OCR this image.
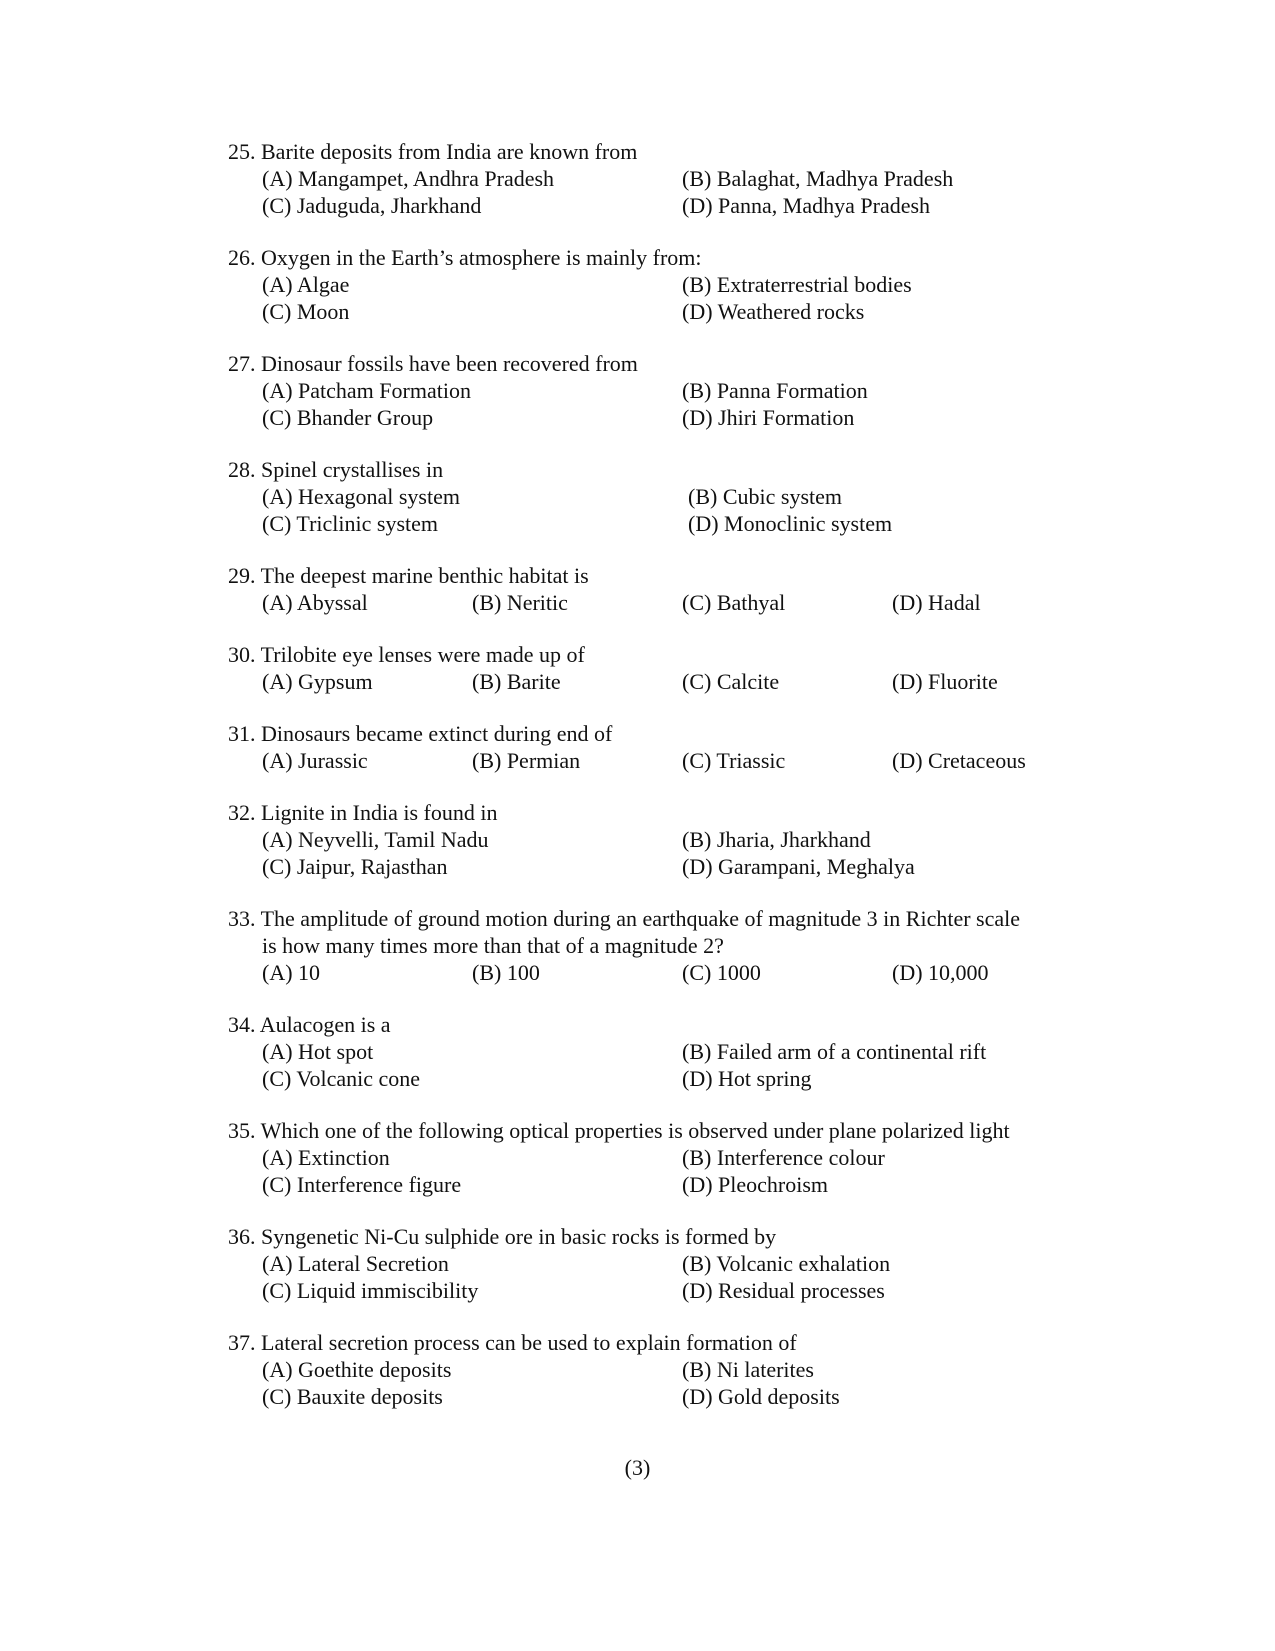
25. Barite deposits from India are known from
(A) Mangampet, Andhra Pradesh	(B) Balaghat, Madhya Pradesh
(C) Jaduguda, Jharkhand	(D) Panna, Madhya Pradesh
26. Oxygen in the Earth’s atmosphere is mainly from:
(A) Algae	(B) Extraterrestrial bodies
(C) Moon	(D) Weathered rocks
27. Dinosaur fossils have been recovered from
(A) Patcham Formation	(B) Panna Formation
(C) Bhander Group	(D) Jhiri Formation
28. Spinel crystallises in
(A) Hexagonal system	(B) Cubic system
(C) Triclinic system	(D) Monoclinic system
29. The deepest marine benthic habitat is
(A) Abyssal	(B) Neritic	(C) Bathyal	(D) Hadal
30. Trilobite eye lenses were made up of
(A) Gypsum	(B) Barite	(C) Calcite	(D) Fluorite
31. Dinosaurs became extinct during end of
(A) Jurassic	(B) Permian	(C) Triassic	(D) Cretaceous
32. Lignite in India is found in
(A) Neyvelli, Tamil Nadu	(B) Jharia, Jharkhand
(C) Jaipur, Rajasthan	(D) Garampani, Meghalya
33. The amplitude of ground motion during an earthquake of magnitude 3 in Richter scale
is how many times more than that of a magnitude 2?
(A) 10	(B) 100	(C) 1000	(D) 10,000
34. Aulacogen is a
(A) Hot spot	(B) Failed arm of a continental rift
(C) Volcanic cone	(D) Hot spring
35. Which one of the following optical properties is observed under plane polarized light
(A) Extinction	(B) Interference colour
(C) Interference figure	(D) Pleochroism
36. Syngenetic Ni-Cu sulphide ore in basic rocks is formed by
(A) Lateral Secretion	(B) Volcanic exhalation
(C) Liquid immiscibility	(D) Residual processes
37. Lateral secretion process can be used to explain formation of
(A) Goethite deposits	(B) Ni laterites
(C) Bauxite deposits	(D) Gold deposits
(3)
